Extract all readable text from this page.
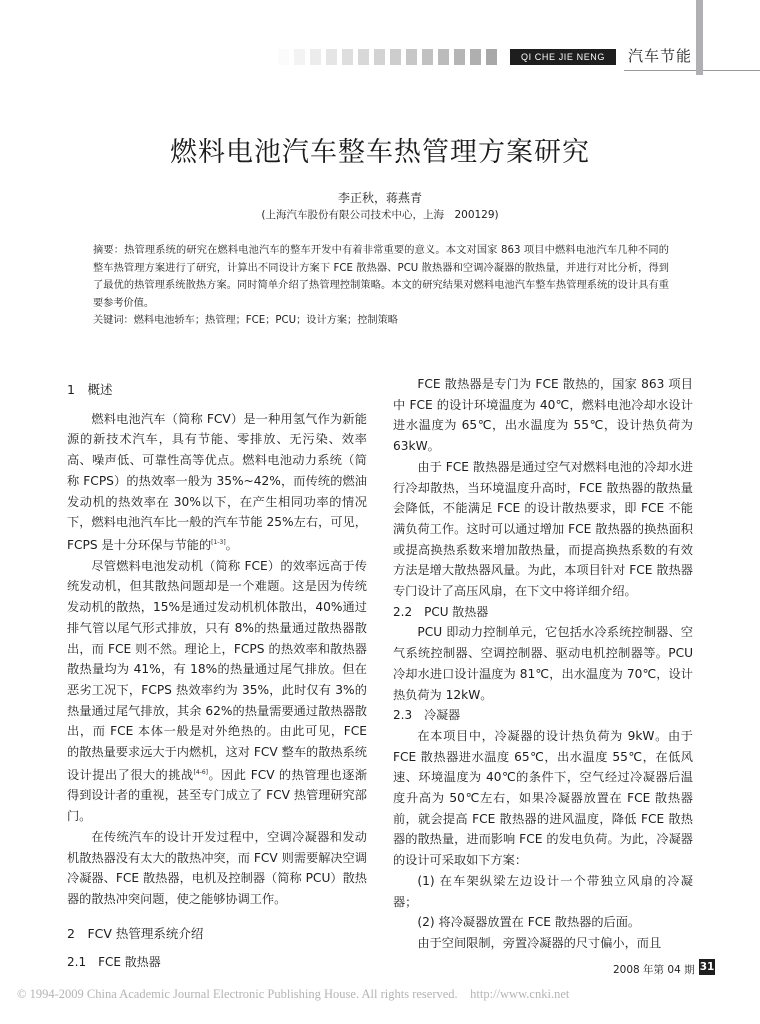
QI CHE JIE NENG	汽车节能
燃料电池汽车整车热管理方案研究
李正秋，蒋燕青
(上海汽车股份有限公司技术中心，上海　200129)

摘要：热管理系统的研究在燃料电池汽车的整车开发中有着非常重要的意义。本文对国家 863 项目中燃料电池汽车几种不同的整车热管理方案进行了研究，计算出不同设计方案下 FCE 散热器、PCU 散热器和空调冷凝器的散热量，并进行对比分析，得到了最优的热管理系统散热方案。同时简单介绍了热管理控制策略。本文的研究结果对燃料电池汽车整车热管理系统的设计具有重要参考价值。

关键词：燃料电池轿车；热管理；FCE；PCU；设计方案；控制策略

1　概述

燃料电池汽车（简称 FCV）是一种用氢气作为新能源的新技术汽车，具有节能、零排放、无污染、效率高、噪声低、可靠性高等优点。燃料电池动力系统（简称 FCPS）的热效率一般为 35%~42%，而传统的燃油发动机的热效率在 30%以下，在产生相同功率的情况下，燃料电池汽车比一般的汽车节能 25%左右，可见，FCPS 是十分环保与节能的[1-3]。

尽管燃料电池发动机（简称 FCE）的效率远高于传统发动机，但其散热问题却是一个难题。这是因为传统发动机的散热，15%是通过发动机机体散出，40%通过排气管以尾气形式排放，只有 8%的热量通过散热器散出，而 FCE 则不然。理论上，FCPS 的热效率和散热器散热量均为 41%，有 18%的热量通过尾气排放。但在恶劣工况下，FCPS 热效率约为 35%，此时仅有 3%的热量通过尾气排放，其余 62%的热量需要通过散热器散出，而 FCE 本体一般是对外绝热的。由此可见，FCE 的散热量要求远大于内燃机，这对 FCV 整车的散热系统设计提出了很大的挑战[4-6]。因此 FCV 的热管理也逐渐得到设计者的重视，甚至专门成立了 FCV 热管理研究部门。

在传统汽车的设计开发过程中，空调冷凝器和发动机散热器没有太大的散热冲突，而 FCV 则需要解决空调冷凝器、FCE 散热器，电机及控制器（简称 PCU）散热器的散热冲突问题，使之能够协调工作。

2　FCV 热管理系统介绍
2.1　FCE 散热器

FCE 散热器是专门为 FCE 散热的，国家 863 项目中 FCE 的设计环境温度为 40℃，燃料电池冷却水设计进水温度为 65℃，出水温度为 55℃，设计热负荷为 63kW。

由于 FCE 散热器是通过空气对燃料电池的冷却水进行冷却散热，当环境温度升高时，FCE 散热器的散热量会降低，不能满足 FCE 的设计散热要求，即 FCE 不能满负荷工作。这时可以通过增加 FCE 散热器的换热面积或提高换热系数来增加散热量，而提高换热系数的有效方法是增大散热器风量。为此，本项目针对 FCE 散热器专门设计了高压风扇，在下文中将详细介绍。

2.2　PCU 散热器

PCU 即动力控制单元，它包括水冷系统控制器、空气系统控制器、空调控制器、驱动电机控制器等。PCU 冷却水进口设计温度为 81℃，出水温度为 70℃，设计热负荷为 12kW。

2.3　冷凝器

在本项目中，冷凝器的设计热负荷为 9kW。由于 FCE 散热器进水温度 65℃，出水温度 55℃，在低风速、环境温度为 40℃的条件下，空气经过冷凝器后温度升高为 50℃左右，如果冷凝器放置在 FCE 散热器前，就会提高 FCE 散热器的进风温度，降低 FCE 散热器的散热量，进而影响 FCE 的发电负荷。为此，冷凝器的设计可采取如下方案：

(1) 在车架纵梁左边设计一个带独立风扇的冷凝器；

(2) 将冷凝器放置在 FCE 散热器的后面。

由于空间限制，旁置冷凝器的尺寸偏小，而且

2008 年第 04 期 31
© 1994-2009 China Academic Journal Electronic Publishing House. All rights reserved.    http://www.cnki.net
